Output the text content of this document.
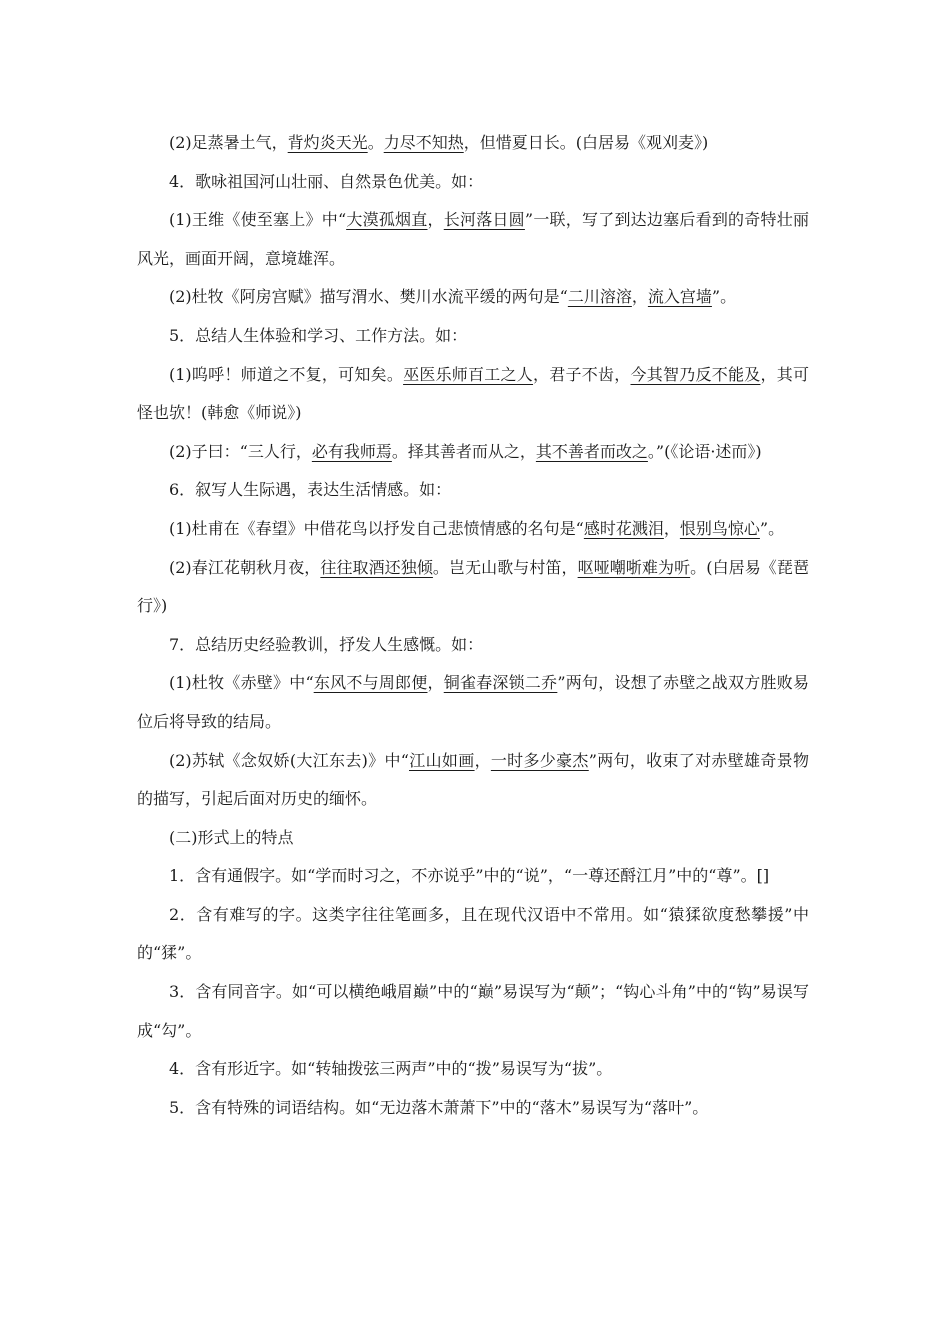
(2)足蒸暑土气，背灼炎天光。力尽不知热，但惜夏日长。(白居易《观刈麦》)

4．歌咏祖国河山壮丽、自然景色优美。如：

(1)王维《使至塞上》中“大漠孤烟直，长河落日圆”一联，写了到达边塞后看到的奇特壮丽风光，画面开阔，意境雄浑。

(2)杜牧《阿房宫赋》描写渭水、樊川水流平缓的两句是“二川溶溶，流入宫墙”。

5．总结人生体验和学习、工作方法。如：

(1)呜呼！师道之不复，可知矣。巫医乐师百工之人，君子不齿，今其智乃反不能及，其可怪也欤！(韩愈《师说》)

(2)子曰：“三人行，必有我师焉。择其善者而从之，其不善者而改之。”(《论语·述而》)

6．叙写人生际遇，表达生活情感。如：

(1)杜甫在《春望》中借花鸟以抒发自己悲愤情感的名句是“感时花溅泪，恨别鸟惊心”。

(2)春江花朝秋月夜，往往取酒还独倾。岂无山歌与村笛，呕哑嘲哳难为听。(白居易《琵琶行》)

7．总结历史经验教训，抒发人生感慨。如：

(1)杜牧《赤壁》中“东风不与周郎便，铜雀春深锁二乔”两句，设想了赤壁之战双方胜败易位后将导致的结局。

(2)苏轼《念奴娇(大江东去)》中“江山如画，一时多少豪杰”两句，收束了对赤壁雄奇景物的描写，引起后面对历史的缅怀。

(二)形式上的特点

1．含有通假字。如“学而时习之，不亦说乎”中的“说”，“一尊还酹江月”中的“尊”。[]

2．含有难写的字。这类字往往笔画多，且在现代汉语中不常用。如“猿猱欲度愁攀援”中的“猱”。

3．含有同音字。如“可以横绝峨眉巅”中的“巅”易误写为“颠”；“钩心斗角”中的“钩”易误写成“勾”。

4．含有形近字。如“转轴拨弦三两声”中的“拨”易误写为“拔”。

5．含有特殊的词语结构。如“无边落木萧萧下”中的“落木”易误写为“落叶”。
